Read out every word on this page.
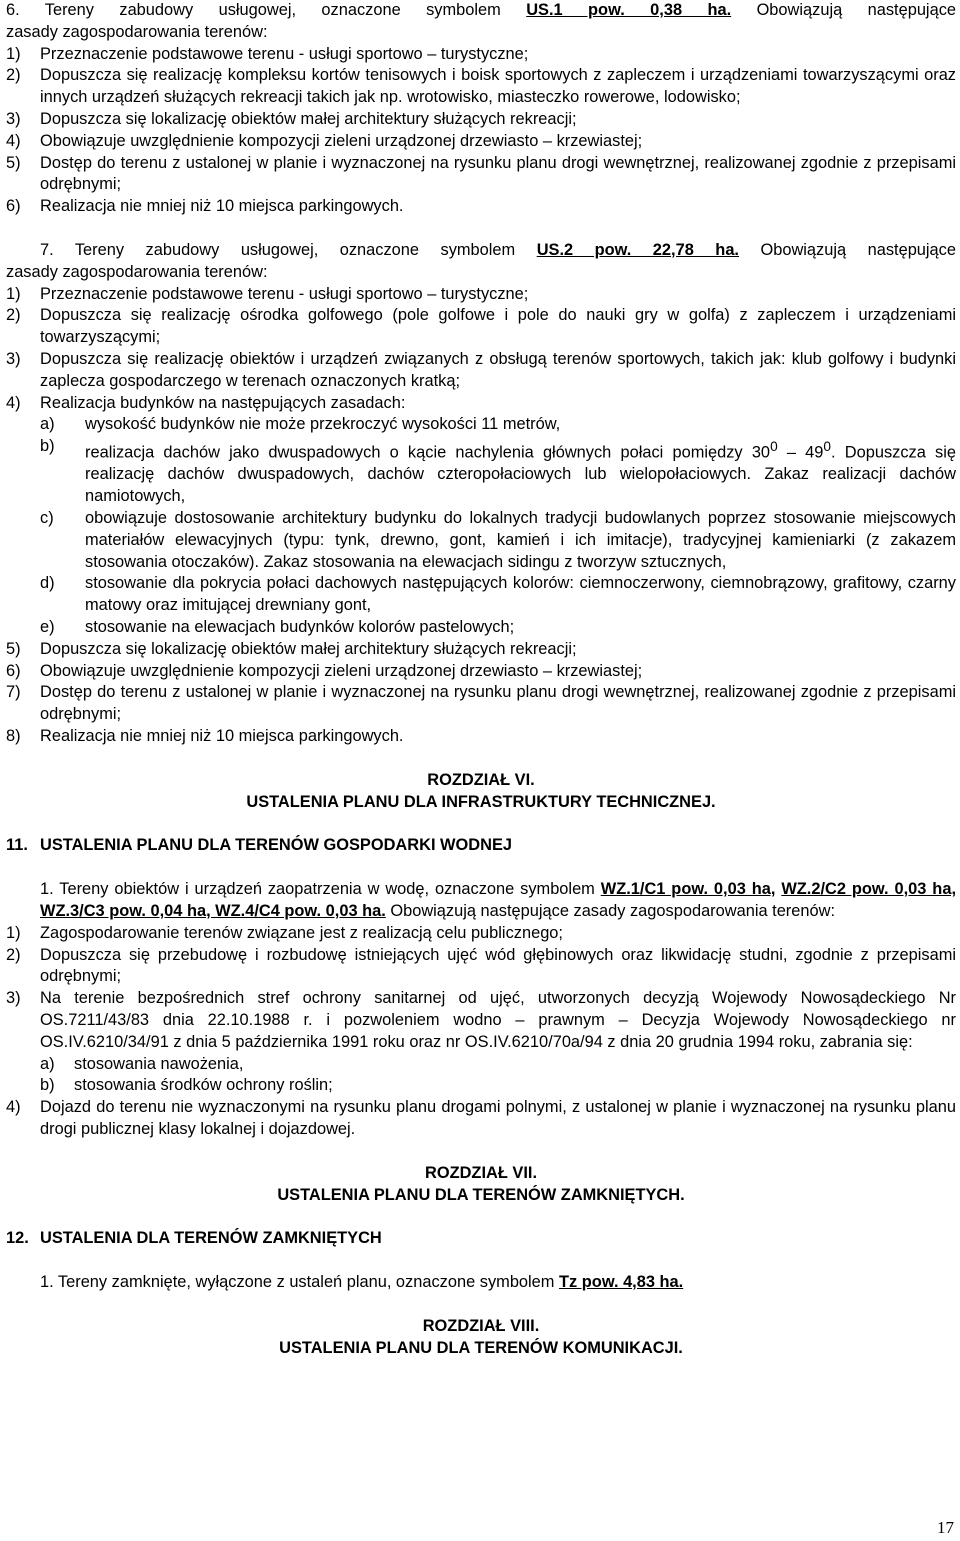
6. Tereny zabudowy usługowej, oznaczone symbolem US.1 pow. 0,38 ha. Obowiązują następujące

zasady zagospodarowania terenów:

1)	Przeznaczenie podstawowe terenu - usługi sportowo – turystyczne;
2)	Dopuszcza się realizację kompleksu kortów tenisowych i boisk sportowych z zapleczem i urządzeniami towarzyszącymi oraz innych urządzeń służących rekreacji takich jak np. wrotowisko, miasteczko rowerowe, lodowisko;
3)	Dopuszcza się lokalizację obiektów małej architektury służących rekreacji;
4)	Obowiązuje uwzględnienie kompozycji zieleni urządzonej drzewiasto – krzewiastej;
5)	Dostęp do terenu z ustalonej w planie i wyznaczonej na rysunku planu drogi wewnętrznej, realizowanej zgodnie z przepisami odrębnymi;
6)	Realizacja nie mniej niż 10 miejsca parkingowych.

7. Tereny zabudowy usługowej, oznaczone symbolem US.2 pow. 22,78 ha. Obowiązują następujące

zasady zagospodarowania terenów:

1)	Przeznaczenie podstawowe terenu - usługi sportowo – turystyczne;
2)	Dopuszcza się realizację ośrodka golfowego (pole golfowe i pole do nauki gry w golfa) z zapleczem i urządzeniami towarzyszącymi;
3)	Dopuszcza się realizację obiektów i urządzeń związanych z obsługą terenów sportowych, takich jak: klub golfowy i budynki zaplecza gospodarczego w terenach oznaczonych kratką;
4)	Realizacja budynków na następujących zasadach:
a)	wysokość budynków nie może przekroczyć wysokości 11 metrów,
b)	realizacja dachów jako dwuspadowych o kącie nachylenia głównych połaci pomiędzy $30^0 - 49^0$. Dopuszcza się realizację dachów dwuspadowych, dachów czteropołaciowych lub wielopołaciowych. Zakaz realizacji dachów namiotowych,
c)	obowiązuje dostosowanie architektury budynku do lokalnych tradycji budowlanych poprzez stosowanie miejscowych materiałów elewacyjnych (typu: tynk, drewno, gont, kamień i ich imitacje), tradycyjnej kamieniarki (z zakazem stosowania otoczaków). Zakaz stosowania na elewacjach sidingu z tworzyw sztucznych,
d)	stosowanie dla pokrycia połaci dachowych następujących kolorów: ciemnoczerwony, ciemnobrązowy, grafitowy, czarny matowy oraz imitującej drewniany gont,
e)	stosowanie na elewacjach budynków kolorów pastelowych;
5)	Dopuszcza się lokalizację obiektów małej architektury służących rekreacji;
6)	Obowiązuje uwzględnienie kompozycji zieleni urządzonej drzewiasto – krzewiastej;
7)	Dostęp do terenu z ustalonej w planie i wyznaczonej na rysunku planu drogi wewnętrznej, realizowanej zgodnie z przepisami odrębnymi;
8)	Realizacja nie mniej niż 10 miejsca parkingowych.

ROZDZIAŁ VI.

USTALENIA PLANU DLA INFRASTRUKTURY TECHNICZNEJ.

11. USTALENIA PLANU DLA TERENÓW GOSPODARKI WODNEJ

1. Tereny obiektów i urządzeń zaopatrzenia w wodę, oznaczone symbolem WZ.1/C1 pow. 0,03 ha, WZ.2/C2 pow. 0,03 ha, WZ.3/C3 pow. 0,04 ha, WZ.4/C4 pow. 0,03 ha. Obowiązują następujące zasady zagospodarowania terenów:

1)	Zagospodarowanie terenów związane jest z realizacją celu publicznego;
2)	Dopuszcza się przebudowę i rozbudowę istniejących ujęć wód głębinowych oraz likwidację studni, zgodnie z przepisami odrębnymi;
3)	Na terenie bezpośrednich stref ochrony sanitarnej od ujęć, utworzonych decyzją Wojewody Nowosądeckiego Nr OS.7211/43/83 dnia 22.10.1988 r. i pozwoleniem wodno – prawnym – Decyzja Wojewody Nowosądeckiego nr OS.IV.6210/34/91 z dnia 5 października 1991 roku oraz nr OS.IV.6210/70a/94 z dnia 20 grudnia 1994 roku, zabrania się:
a)	stosowania nawożenia,
b)	stosowania środków ochrony roślin;
4)	Dojazd do terenu nie wyznaczonymi na rysunku planu drogami polnymi, z ustalonej w planie i wyznaczonej na rysunku planu drogi publicznej klasy lokalnej i dojazdowej.

ROZDZIAŁ VII.

USTALENIA PLANU DLA TERENÓW ZAMKNIĘTYCH.

12. USTALENIA DLA TERENÓW ZAMKNIĘTYCH

1. Tereny zamknięte, wyłączone z ustaleń planu, oznaczone symbolem Tz pow. 4,83 ha.

ROZDZIAŁ VIII.

USTALENIA PLANU DLA TERENÓW KOMUNIKACJI.

17
